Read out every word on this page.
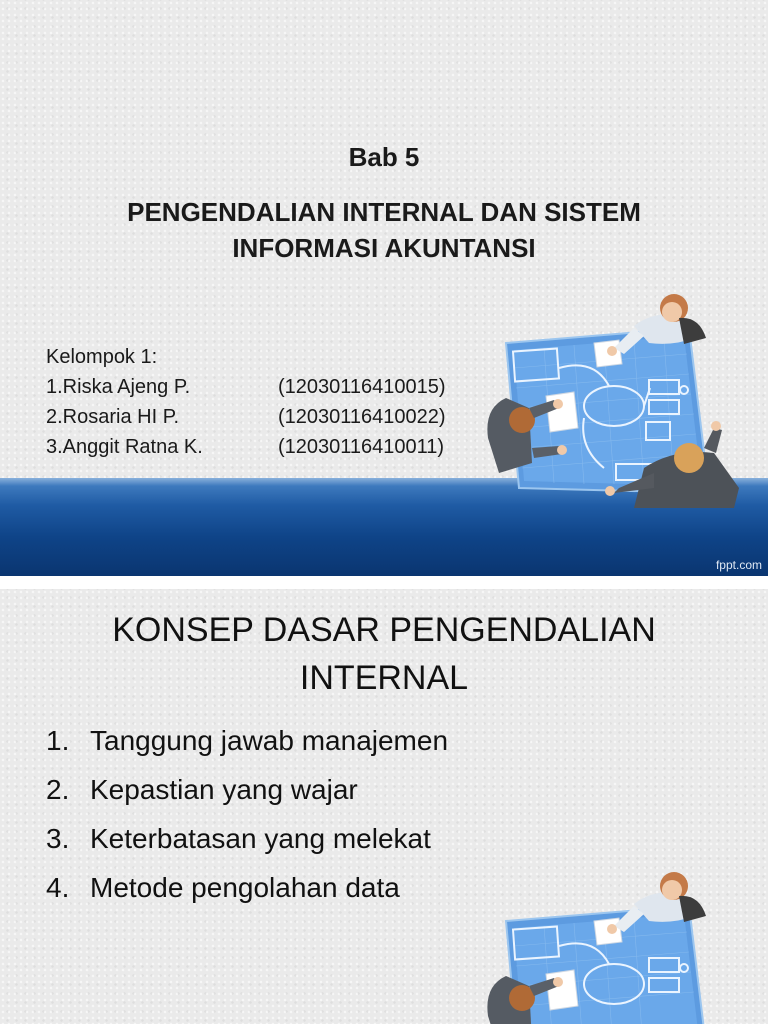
Bab 5
PENGENDALIAN INTERNAL DAN SISTEM
INFORMASI AKUNTANSI
Kelompok 1:
1.Riska Ajeng P.	(12030116410015)
2.Rosaria HI P.	(12030116410022)
3.Anggit Ratna K.	(12030116410011)
fppt.com
KONSEP DASAR PENGENDALIAN
INTERNAL
1. Tanggung jawab manajemen
2. Kepastian yang wajar
3. Keterbatasan yang melekat
4. Metode pengolahan data
